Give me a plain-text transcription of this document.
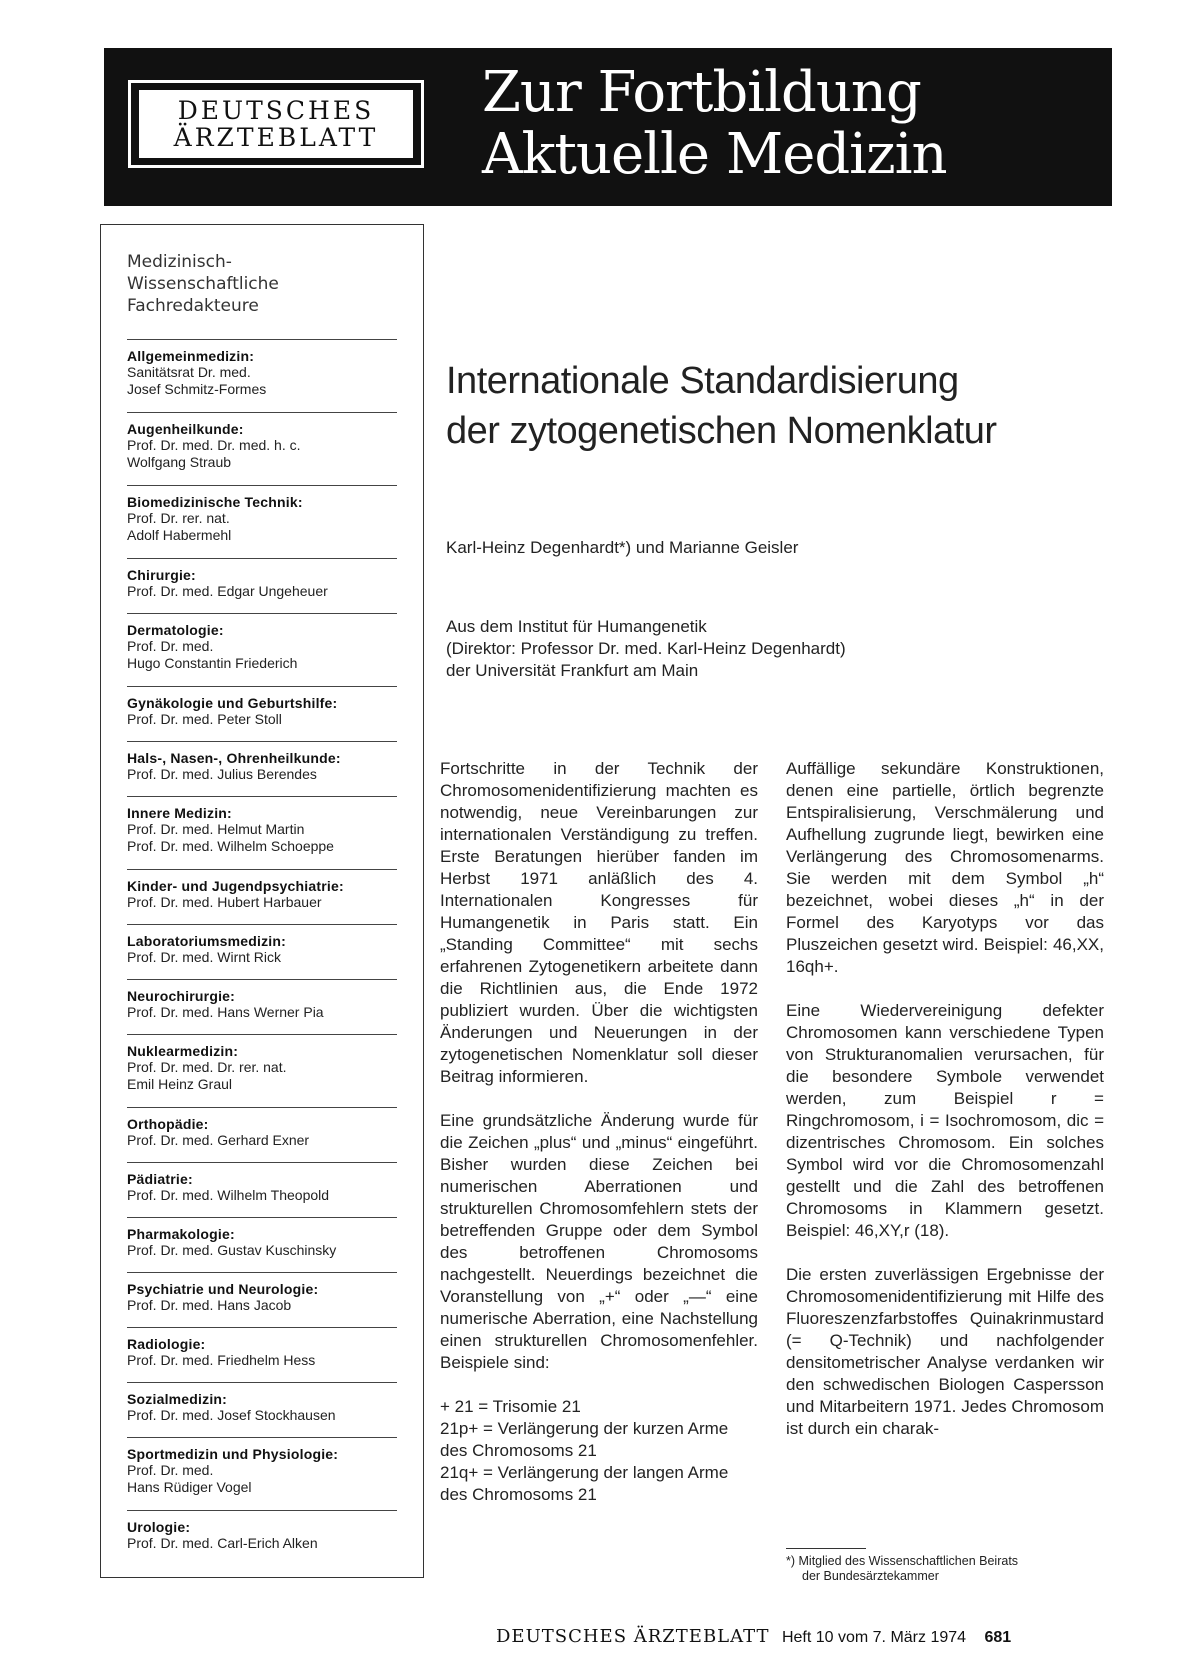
DEUTSCHES
ÄRZTEBLATT
Zur Fortbildung
Aktuelle Medizin
Medizinisch-
Wissenschaftliche
Fachredakteure
Allgemeinmedizin:
Sanitätsrat Dr. med.
Josef Schmitz-Formes
Augenheilkunde:
Prof. Dr. med. Dr. med. h. c.
Wolfgang Straub
Biomedizinische Technik:
Prof. Dr. rer. nat.
Adolf Habermehl
Chirurgie:
Prof. Dr. med. Edgar Ungeheuer
Dermatologie:
Prof. Dr. med.
Hugo Constantin Friederich
Gynäkologie und Geburtshilfe:
Prof. Dr. med. Peter Stoll
Hals-, Nasen-, Ohrenheilkunde:
Prof. Dr. med. Julius Berendes
Innere Medizin:
Prof. Dr. med. Helmut Martin
Prof. Dr. med. Wilhelm Schoeppe
Kinder- und Jugendpsychiatrie:
Prof. Dr. med. Hubert Harbauer
Laboratoriumsmedizin:
Prof. Dr. med. Wirnt Rick
Neurochirurgie:
Prof. Dr. med. Hans Werner Pia
Nuklearmedizin:
Prof. Dr. med. Dr. rer. nat.
Emil Heinz Graul
Orthopädie:
Prof. Dr. med. Gerhard Exner
Pädiatrie:
Prof. Dr. med. Wilhelm Theopold
Pharmakologie:
Prof. Dr. med. Gustav Kuschinsky
Psychiatrie und Neurologie:
Prof. Dr. med. Hans Jacob
Radiologie:
Prof. Dr. med. Friedhelm Hess
Sozialmedizin:
Prof. Dr. med. Josef Stockhausen
Sportmedizin und Physiologie:
Prof. Dr. med.
Hans Rüdiger Vogel
Urologie:
Prof. Dr. med. Carl-Erich Alken
Internationale Standardisierung
der zytogenetischen Nomenklatur
Karl-Heinz Degenhardt*) und Marianne Geisler
Aus dem Institut für Humangenetik
(Direktor: Professor Dr. med. Karl-Heinz Degenhardt)
der Universität Frankfurt am Main

Fortschritte in der Technik der Chromosomenidentifizierung machten es notwendig, neue Vereinbarungen zur internationalen Verständigung zu treffen. Erste Beratungen hierüber fanden im Herbst 1971 anläßlich des 4. Internationalen Kongresses für Humangenetik in Paris statt. Ein „Standing Committee“ mit sechs erfahrenen Zytogenetikern arbeitete dann die Richtlinien aus, die Ende 1972 publiziert wurden. Über die wichtigsten Änderungen und Neuerungen in der zytogenetischen Nomenklatur soll dieser Beitrag informieren.

Eine grundsätzliche Änderung wurde für die Zeichen „plus“ und „minus“ eingeführt. Bisher wurden diese Zeichen bei numerischen Aberrationen und strukturellen Chromosomfehlern stets der betreffenden Gruppe oder dem Symbol des betroffenen Chromosoms nachgestellt. Neuerdings bezeichnet die Voranstellung von „+“ oder „—“ eine numerische Aberration, eine Nachstellung einen strukturellen Chromosomenfehler. Beispiele sind:

+ 21 = Trisomie 21
21p+ = Verlängerung der kurzen Arme des Chromosoms 21
21q+ = Verlängerung der langen Arme des Chromosoms 21

Auffällige sekundäre Konstruktionen, denen eine partielle, örtlich begrenzte Entspiralisierung, Verschmälerung und Aufhellung zugrunde liegt, bewirken eine Verlängerung des Chromosomenarms. Sie werden mit dem Symbol „h“ bezeichnet, wobei dieses „h“ in der Formel des Karyotyps vor das Pluszeichen gesetzt wird. Beispiel: 46,XX, 16qh+.

Eine Wiedervereinigung defekter Chromosomen kann verschiedene Typen von Strukturanomalien verursachen, für die besondere Symbole verwendet werden, zum Beispiel r = Ringchromosom, i = Isochromosom, dic = dizentrisches Chromosom. Ein solches Symbol wird vor die Chromosomenzahl gestellt und die Zahl des betroffenen Chromosoms in Klammern gesetzt. Beispiel: 46,XY,r (18).

Die ersten zuverlässigen Ergebnisse der Chromosomenidentifizierung mit Hilfe des Fluoreszenzfarbstoffes Quinakrinmustard (= Q-Technik) und nachfolgender densitometrischer Analyse verdanken wir den schwedischen Biologen Caspersson und Mitarbeitern 1971. Jedes Chromosom ist durch ein charak-

*) Mitglied des Wissenschaftlichen Beirats
der Bundesärztekammer
DEUTSCHES ÄRZTEBLATT Heft 10 vom 7. März 1974 681
